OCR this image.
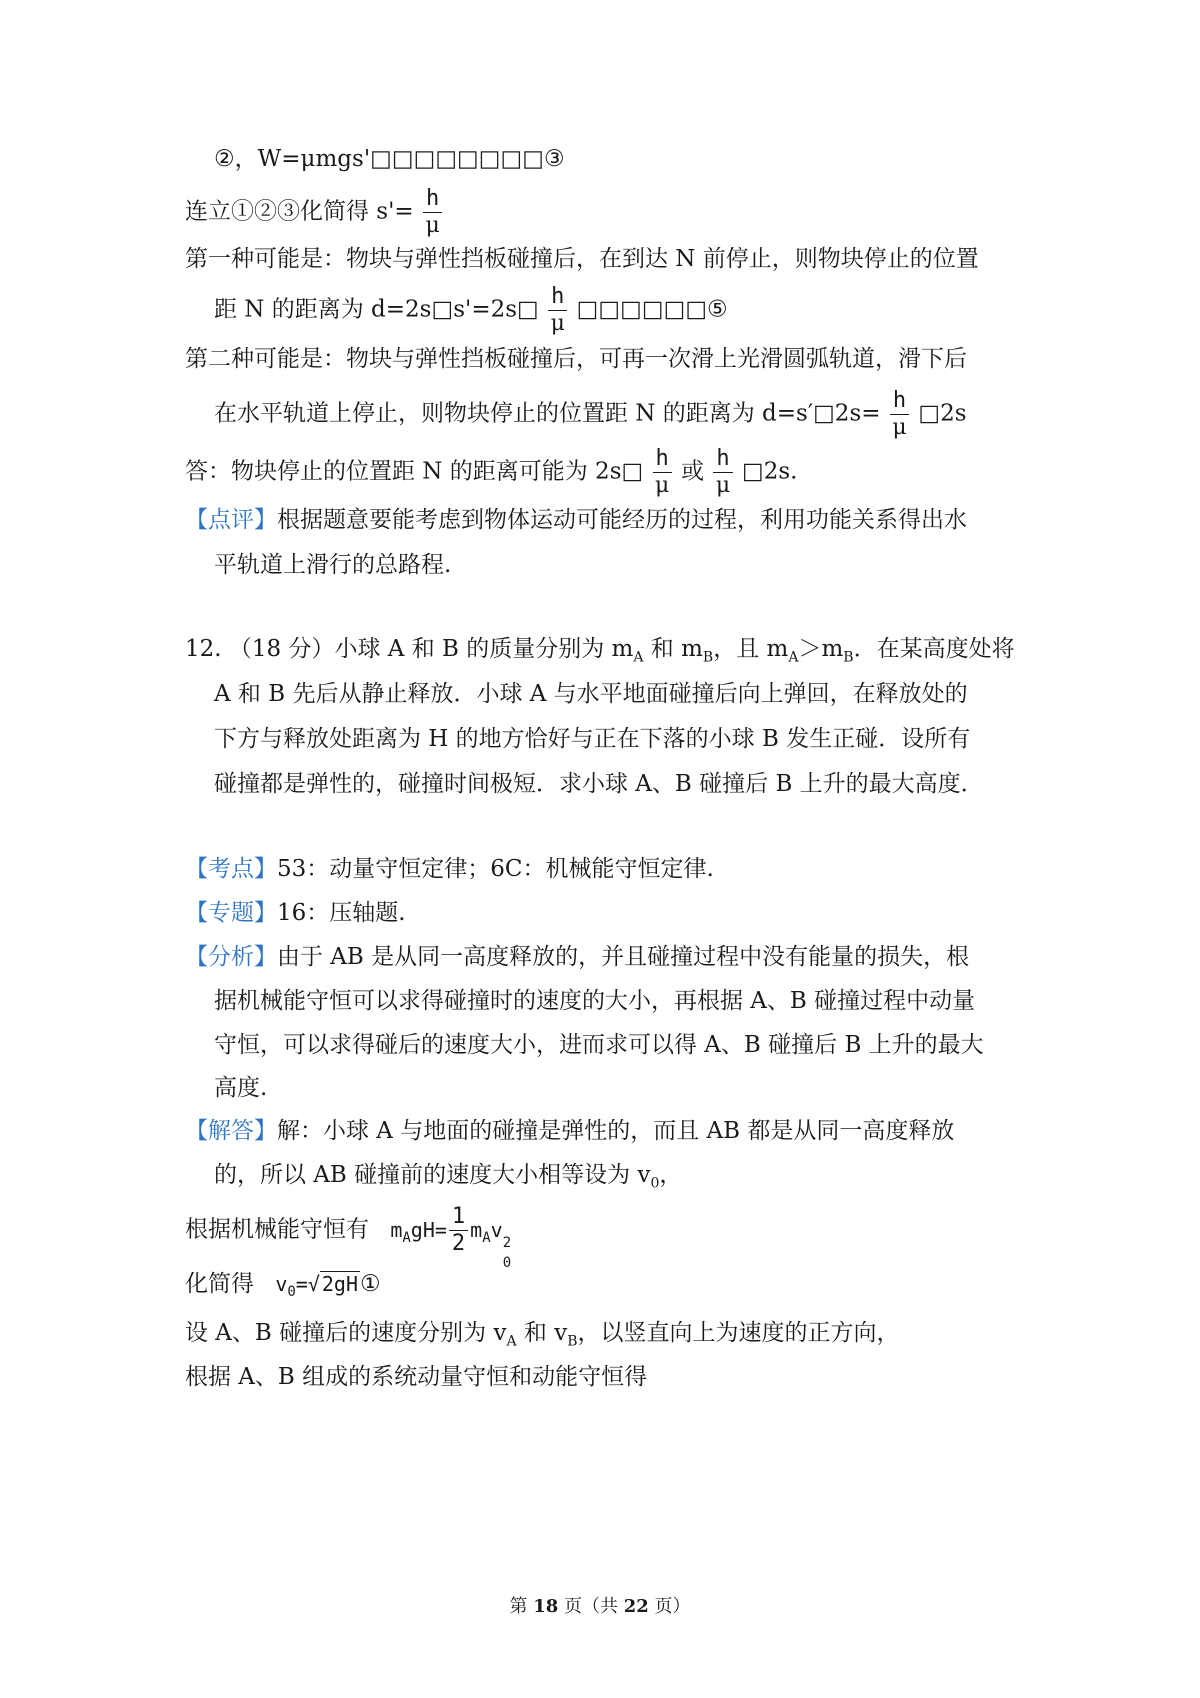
②，W=μmgs'□□□□□□□□③
连立①②③化简得 $s'= \frac{h}{\mu}$
第一种可能是：物块与弹性挡板碰撞后，在到达 N 前停止，则物块停止的位置
距 N 的距离为 d=2s□s'=2s□ $\frac{h}{\mu}$ □□□□□□⑤
第二种可能是：物块与弹性挡板碰撞后，可再一次滑上光滑圆弧轨道，滑下后
在水平轨道上停止，则物块停止的位置距 N 的距离为 d=s′□2s= $\frac{h}{\mu}$ □2s
答：物块停止的位置距 N 的距离可能为 2s□ $\frac{h}{\mu}$ 或 $\frac{h}{\mu}$ □2s.
【点评】根据题意要能考虑到物体运动可能经历的过程，利用功能关系得出水
平轨道上滑行的总路程.
12. （18 分）小球 A 和 B 的质量分别为 $m_A$ 和 $m_B$，且 $m_A>m_B$．在某高度处将
A 和 B 先后从静止释放．小球 A 与水平地面碰撞后向上弹回，在释放处的
下方与释放处距离为 H 的地方恰好与正在下落的小球 B 发生正碰．设所有
碰撞都是弹性的，碰撞时间极短．求小球 A、B 碰撞后 B 上升的最大高度．
【考点】53：动量守恒定律；6C：机械能守恒定律.
【专题】16：压轴题.
【分析】由于 AB 是从同一高度释放的，并且碰撞过程中没有能量的损失，根
据机械能守恒可以求得碰撞时的速度的大小，再根据 A、B 碰撞过程中动量
守恒，可以求得碰后的速度大小，进而求可以得 A、B 碰撞后 B 上升的最大
高度.
【解答】解：小球 A 与地面的碰撞是弹性的，而且 AB 都是从同一高度释放
的，所以 AB 碰撞前的速度大小相等设为 $v_0$，
根据机械能守恒有 $m_AgH= \frac{1}{2} m_Av$
2
0
化简得 $v_0=√$ 2gH①
设 A、B 碰撞后的速度分别为 $v_A$ 和 $v_B$，以竖直向上为速度的正方向，
根据 A、B 组成的系统动量守恒和动能守恒得
第 18 页（共 22 页）
